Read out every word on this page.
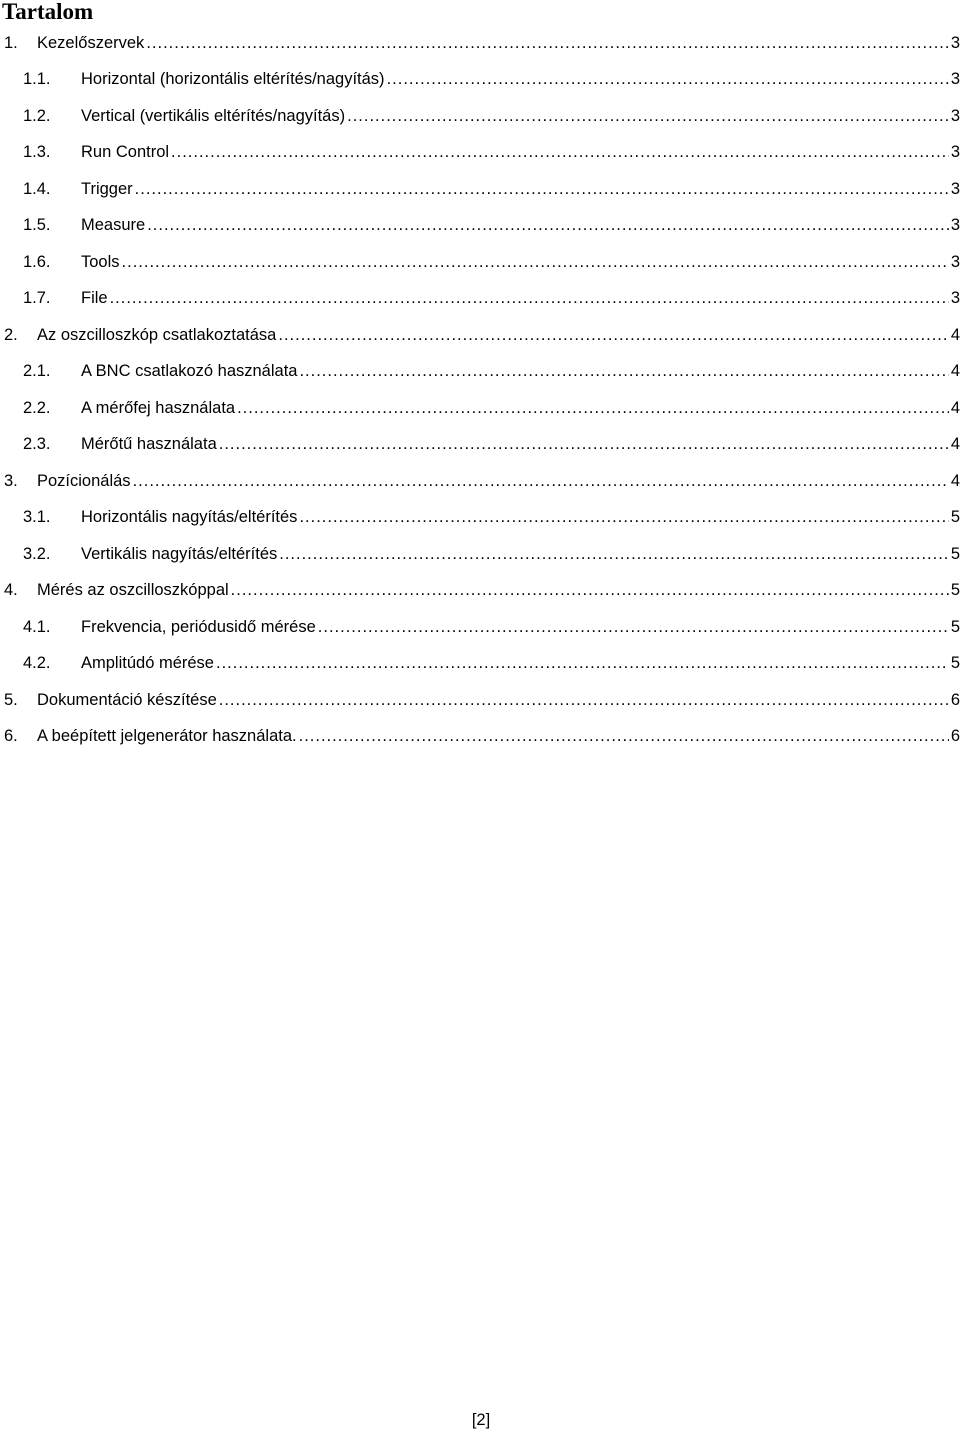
Tartalom
1.	Kezelőszervek .....	3
1.1.	Horizontal (horizontális eltérítés/nagyítás) .....	3
1.2.	Vertical (vertikális eltérítés/nagyítás) .....	3
1.3.	Run Control .....	3
1.4.	Trigger .....	3
1.5.	Measure .....	3
1.6.	Tools .....	3
1.7.	File .....	3
2.	Az oszcilloszkóp csatlakoztatása .....	4
2.1.	A BNC csatlakozó használata .....	4
2.2.	A mérőfej használata .....	4
2.3.	Mérőtű használata .....	4
3.	Pozícionálás .....	4
3.1.	Horizontális nagyítás/eltérítés .....	5
3.2.	Vertikális nagyítás/eltérítés .....	5
4.	Mérés az oszcilloszkóppal .....	5
4.1.	Frekvencia, periódusidő mérése .....	5
4.2.	Amplitúdó mérése .....	5
5.	Dokumentáció készítése .....	6
6.	A beépített jelgenerátor használata. .....	6
[2]
